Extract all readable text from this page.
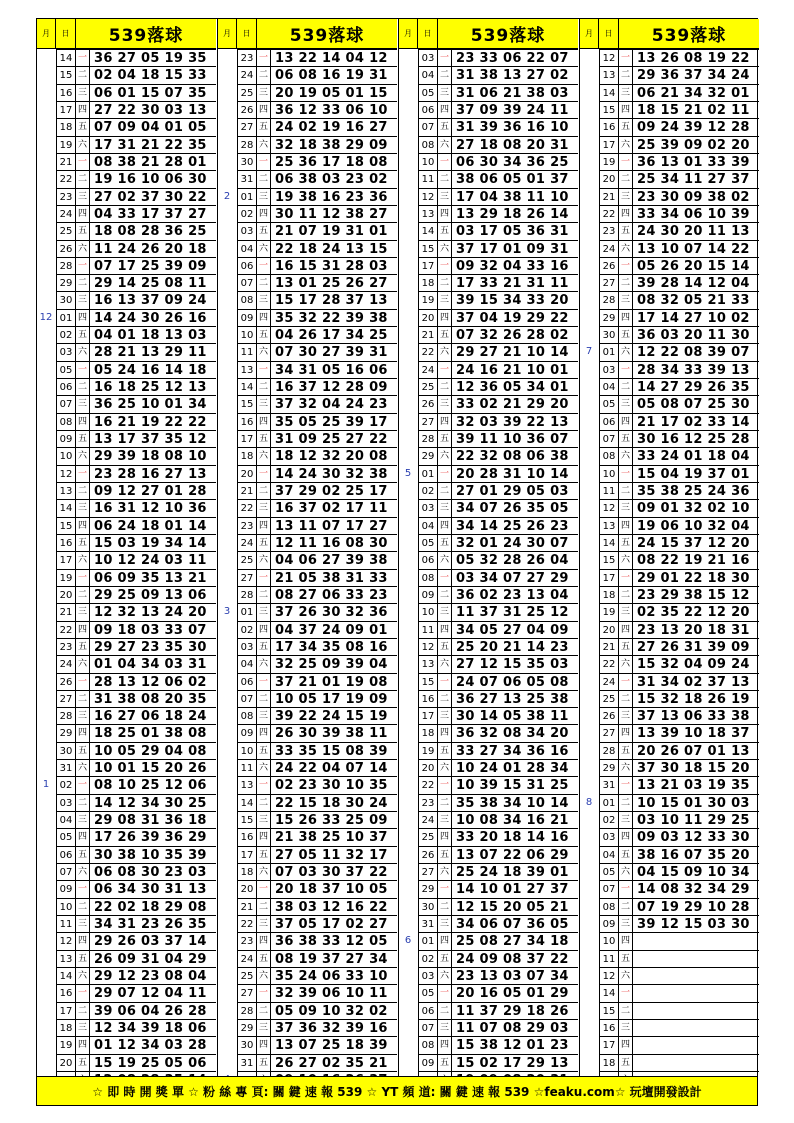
月	日	539落球
14 一 36 27 05 19 35
15 二 02 04 18 15 33
16 三 06 01 15 07 35
17 四 27 22 30 03 13
18 五 07 09 04 01 05
19 六 17 31 21 22 35
21 一 08 38 21 28 01
22 二 19 16 10 06 30
23 三 27 02 37 30 22
24 四 04 33 17 37 27
25 五 18 08 28 36 25
26 六 11 24 26 20 18
28 一 07 17 25 39 09
29 二 29 14 25 08 11
30 三 16 13 37 09 24
12 01 四 14 24 30 26 16
02 五 04 01 18 13 03
03 六 28 21 13 29 11
05 一 05 24 16 14 18
06 二 16 18 25 12 13
07 三 36 25 10 01 34
08 四 16 21 19 22 22
09 五 13 17 37 35 12
10 六 29 39 18 08 10
12 一 23 28 16 27 13
13 二 09 12 27 01 28
14 三 16 31 12 10 36
15 四 06 24 18 01 14
16 五 15 03 19 34 14
17 六 10 12 24 03 11
19 一 06 09 35 13 21
20 二 29 25 09 13 06
21 三 12 32 13 24 20
22 四 09 18 03 33 07
23 五 29 27 23 35 30
24 六 01 04 34 03 31
26 一 28 13 12 06 02
27 二 31 38 08 20 35
28 三 16 27 06 18 24
29 四 18 25 01 38 08
30 五 10 05 29 04 08
31 六 10 01 15 20 26
1	02 一 08 10 25 12 06
03 二 14 12 34 30 25
04 三 29 08 31 36 18
05 四 17 26 39 36 29
06 五 30 38 10 35 39
07 六 06 08 30 23 03
09 一 06 34 30 31 13
10 二 22 02 18 29 08
11 三 34 31 23 26 35
12 四 29 26 03 37 14
13 五 26 09 31 04 29
14 六 29 12 23 08 04
16 一 29 07 12 04 11
17 二 39 06 04 26 28
18 三 12 34 39 18 06
19 四 01 12 34 03 28
20 五 15 19 25 05 06
月	日	539落球
23 一 13 22 14 04 12
24 二 06 08 16 19 31
25 三 20 19 05 01 15
26 四 36 12 33 06 10
27 五 24 02 19 16 27
28 六 32 18 38 29 09
30 一 25 36 17 18 08
31 二 06 38 03 23 02
2	01 三 19 38 16 23 36
02 四 30 11 12 38 27
03 五 21 07 19 31 01
04 六 22 18 24 13 15
06 一 16 15 31 28 03
07 二 13 01 25 26 27
08 三 15 17 28 37 13
09 四 35 32 22 39 38
10 五 04 26 17 34 25
11 六 07 30 27 39 31
13 一 34 31 05 16 06
14 二 16 37 12 28 09
15 三 37 32 04 24 23
16 四 35 05 25 39 17
17 五 31 09 25 27 22
18 六 18 12 32 20 08
20 一 14 24 30 32 38
21 二 37 29 02 25 17
22 三 16 37 02 17 11
23 四 13 11 07 17 27
24 五 12 11 16 08 30
25 六 04 06 27 39 38
27 一 21 05 38 31 33
28 二 08 27 06 33 23
3	01 三 37 26 30 32 36
02 四 04 37 24 09 01
03 五 17 34 35 08 16
04 六 32 25 09 39 04
06 一 37 21 01 19 08
07 二 10 05 17 19 09
08 三 39 22 24 15 19
09 四 26 30 39 38 11
10 五 33 35 15 08 39
11 六 24 22 04 07 14
13 一 02 23 30 10 35
14 二 22 15 18 30 24
15 三 15 26 33 25 09
16 四 21 38 25 10 37
17 五 27 05 11 32 17
18 六 07 03 30 37 22
20 一 20 18 37 10 05
21 二 38 03 12 16 22
22 三 37 05 17 02 27
23 四 36 38 33 12 05
24 五 08 19 37 27 34
25 六 35 24 06 33 10
27 一 32 39 06 10 11
28 二 05 09 10 32 02
29 三 37 36 32 39 16
30 四 13 07 25 18 39
31 五 26 27 02 35 21
月	日	539落球
03 一 23 33 06 22 07
04 二 31 38 13 27 02
05 三 31 06 21 38 03
06 四 37 09 39 24 11
07 五 31 39 36 16 10
08 六 27 18 08 20 31
10 一 06 30 34 36 25
11 二 38 06 05 01 37
12 三 17 04 38 11 10
13 四 13 29 18 26 14
14 五 03 17 05 36 31
15 六 37 17 01 09 31
17 一 09 32 04 33 16
18 二 17 33 21 31 11
19 三 39 15 34 33 20
20 四 37 04 19 29 22
21 五 07 32 26 28 02
22 六 29 27 21 10 14
24 一 24 16 21 10 01
25 二 12 36 05 34 01
26 三 33 02 21 29 20
27 四 32 03 39 22 13
28 五 39 11 10 36 07
29 六 22 32 08 06 38
5	01 一 20 28 31 10 14
02 二 27 01 29 05 03
03 三 34 07 26 35 05
04 四 34 14 25 26 23
05 五 32 01 24 30 07
06 六 05 32 28 26 04
08 一 03 34 07 27 29
09 二 36 02 23 13 04
10 三 11 37 31 25 12
11 四 34 05 27 04 09
12 五 25 20 21 14 23
13 六 27 12 15 35 03
15 一 24 07 06 05 08
16 二 36 27 13 25 38
17 三 30 14 05 38 11
18 四 36 32 08 34 20
19 五 33 27 34 36 16
20 六 10 24 01 28 34
22 一 10 39 15 31 25
23 二 35 38 34 10 14
24 三 10 08 34 16 21
25 四 33 20 18 14 16
26 五 13 07 22 06 29
27 六 25 24 18 39 01
29 一 14 10 01 27 37
30 二 12 15 20 05 21
31 三 34 06 07 36 05
6	01 四 25 08 27 34 18
02 五 24 09 08 37 22
03 六 23 13 03 07 34
05 一 20 16 05 01 29
06 二 11 37 29 18 26
07 三 11 07 08 29 03
08 四 15 38 12 01 23
09 五 15 02 17 29 13
月	日	539落球
12 一 13 26 08 19 22
13 二 29 36 37 34 24
14 三 06 21 34 32 01
15 四 18 15 21 02 11
16 五 09 24 39 12 28
17 六 25 39 09 02 20
19 一 36 13 01 33 39
20 二 25 34 11 27 37
21 三 23 30 09 38 02
22 四 33 34 06 10 39
23 五 24 30 20 11 13
24 六 13 10 07 14 22
26 一 05 26 20 15 14
27 二 39 28 14 12 04
28 三 08 32 05 21 33
29 四 17 14 27 10 02
30 五 36 03 20 11 30
7	01 六 12 22 08 39 07
03 一 28 34 33 39 13
04 二 14 27 29 26 35
05 三 05 08 07 25 30
06 四 21 17 02 33 14
07 五 30 16 12 25 28
08 六 33 24 01 18 04
10 一 15 04 19 37 01
11 二 35 38 25 24 36
12 三 09 01 32 02 10
13 四 19 06 10 32 04
14 五 24 15 37 12 20
15 六 08 22 19 21 16
17 一 29 01 22 18 30
18 二 23 29 38 15 12
19 三 02 35 22 12 20
20 四 23 13 20 18 31
21 五 27 26 31 39 09
22 六 15 32 04 09 24
24 一 31 34 02 37 13
25 二 15 32 18 26 19
26 三 37 13 06 33 38
27 四 13 39 10 18 37
28 五 20 26 07 01 13
29 六 37 30 18 15 20
31 一 13 21 03 19 35
8	01 二 10 15 01 30 03
02 三 03 10 11 29 25
03 四 09 03 12 33 30
04 五 38 16 07 35 20
05 六 04 15 09 10 34
07 一 14 08 32 34 29
08 二 07 19 29 10 28
09 三 39 12 15 03 30
10 四
11 五
12 六
14 一
15 二
16 三
17 四
18 五
☆ 即 時 開 獎 單 ☆ 粉 絲 專 頁: 關 鍵 速 報 539 ☆ YT 頻 道: 關 鍵 速 報 539 ☆feaku.com☆ 玩壇開發設計
